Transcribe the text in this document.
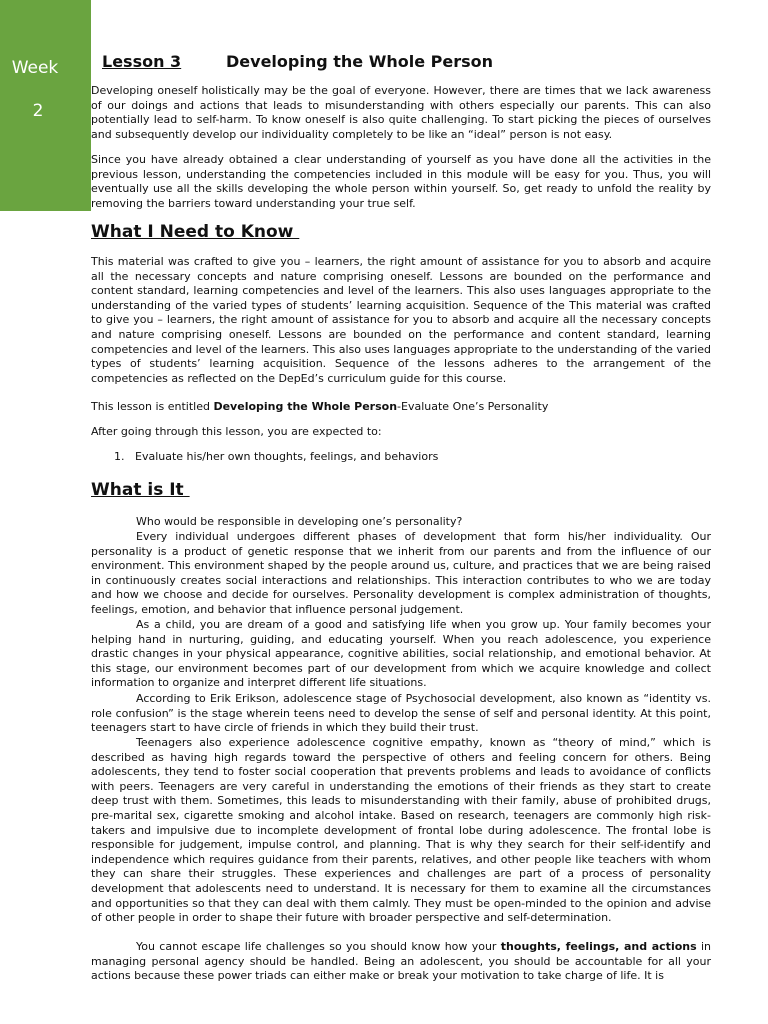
Week
2
Lesson 3	Developing the Whole Person

Developing oneself holistically may be the goal of everyone. However, there are times that we lack awareness of our doings and actions that leads to misunderstanding with others especially our parents. This can also potentially lead to self-harm. To know oneself is also quite challenging. To start picking the pieces of ourselves and subsequently develop our individuality completely to be like an “ideal” person is not easy.

Since you have already obtained a clear understanding of yourself as you have done all the activities in the previous lesson, understanding the competencies included in this module will be easy for you. Thus, you will eventually use all the skills developing the whole person within yourself. So, get ready to unfold the reality by removing the barriers toward understanding your true self.

What I Need to Know

This material was crafted to give you – learners, the right amount of assistance for you to absorb and acquire all the necessary concepts and nature comprising oneself. Lessons are bounded on the performance and content standard, learning competencies and level of the learners. This also uses languages appropriate to the understanding of the varied types of students’ learning acquisition. Sequence of the This material was crafted to give you – learners, the right amount of assistance for you to absorb and acquire all the necessary concepts and nature comprising oneself. Lessons are bounded on the performance and content standard, learning competencies and level of the learners. This also uses languages appropriate to the understanding of the varied types of students’ learning acquisition. Sequence of the lessons adheres to the arrangement of the competencies as reflected on the DepEd’s curriculum guide for this course.

This lesson is entitled Developing the Whole Person-Evaluate One’s Personality

After going through this lesson, you are expected to:

1. Evaluate his/her own thoughts, feelings, and behaviors

What is It

Who would be responsible in developing one’s personality?

Every individual undergoes different phases of development that form his/her individuality. Our personality is a product of genetic response that we inherit from our parents and from the influence of our environment. This environment shaped by the people around us, culture, and practices that we are being raised in continuously creates social interactions and relationships. This interaction contributes to who we are today and how we choose and decide for ourselves. Personality development is complex administration of thoughts, feelings, emotion, and behavior that influence personal judgement.

As a child, you are dream of a good and satisfying life when you grow up. Your family becomes your helping hand in nurturing, guiding, and educating yourself. When you reach adolescence, you experience drastic changes in your physical appearance, cognitive abilities, social relationship, and emotional behavior. At this stage, our environment becomes part of our development from which we acquire knowledge and collect information to organize and interpret different life situations.

According to Erik Erikson, adolescence stage of Psychosocial development, also known as “identity vs. role confusion” is the stage wherein teens need to develop the sense of self and personal identity. At this point, teenagers start to have circle of friends in which they build their trust.

Teenagers also experience adolescence cognitive empathy, known as “theory of mind,” which is described as having high regards toward the perspective of others and feeling concern for others. Being adolescents, they tend to foster social cooperation that prevents problems and leads to avoidance of conflicts with peers. Teenagers are very careful in understanding the emotions of their friends as they start to create deep trust with them. Sometimes, this leads to misunderstanding with their family, abuse of prohibited drugs, pre-marital sex, cigarette smoking and alcohol intake. Based on research, teenagers are commonly high risk-takers and impulsive due to incomplete development of frontal lobe during adolescence. The frontal lobe is responsible for judgement, impulse control, and planning. That is why they search for their self-identify and independence which requires guidance from their parents, relatives, and other people like teachers with whom they can share their struggles. These experiences and challenges are part of a process of personality development that adolescents need to understand. It is necessary for them to examine all the circumstances and opportunities so that they can deal with them calmly. They must be open-minded to the opinion and advise of other people in order to shape their future with broader perspective and self-determination.

You cannot escape life challenges so you should know how your thoughts, feelings, and actions in managing personal agency should be handled. Being an adolescent, you should be accountable for all your actions because these power triads can either make or break your motivation to take charge of life. It is
